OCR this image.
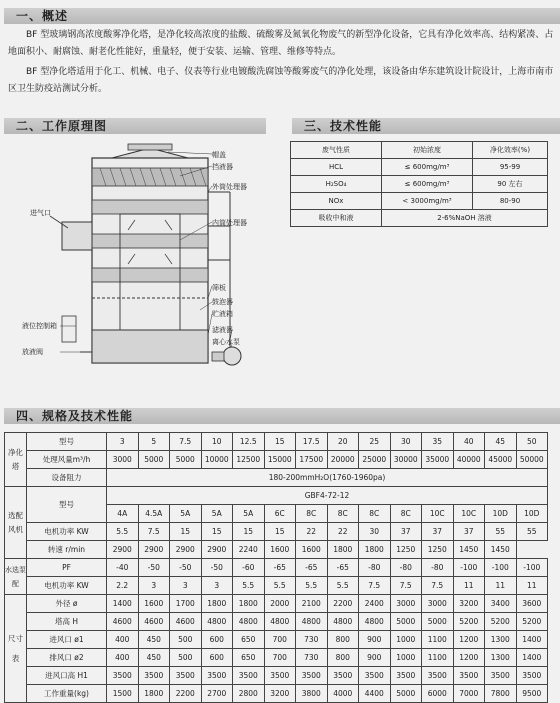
一、概述

BF 型玻璃钢高浓度酸雾净化塔，是净化较高浓度的盐酸、硫酸雾及氮氧化物废气的新型净化设备，它具有净化效率高、结构紧凑、占地面积小、耐腐蚀、耐老化性能好，重量轻，便于安装、运输、管理、维修等特点。

BF 型净化塔适用于化工、机械、电子、仪表等行业电镀酸洗腐蚀等酸雾废气的净化处理，该设备由华东建筑设计院设计，上海市南市区卫生防疫站测试分析。

二、工作原理图	三、技术性能
帽盖
挡液器
外筒处理器
进气口
内筒处理器
筛板
鼓泡器
贮液箱
液位控制箱	滤液器
离心水泵
放液阀
废气性质	初始浓度	净化效率(%)
HCL	≤ 600mg/m³	95-99
H₂SO₄	≤ 600mg/m³	90 左右
NOx	< 3000mg/m³	80-90
吸收中和液	2-6%NaOH 溶液	
四、规格及技术性能
净化塔	型号	3	5	7.5	10	12.5	15	17.5	20	25	30	35	40	45	50
	处理风量m³/h	3000	5000	5000	10000	12500	15000	17500	20000	25000	30000	35000	40000	45000	50000
	设备阻力	180-200mmH₂O(1760-1960pa)													
选配风机	型号	GBF4-72-12													
		4A	4.5A	5A	5A	5A	6C	8C	8C	8C	8C	10C	10C	10D	10D
	电机功率 KW	5.5	7.5	15	15	15	15	22	22	30	37	37	37	55	55
	转速 r/min	2900	2900	2900	2900	2240	1600	1600	1800	1800	1250	1250	1450	1450	
水选泵配	PF	-40	-50	-50	-50	-60	-65	-65	-65	-80	-80	-80	-100	-100	-100
	电机功率 KW	2.2	3	3	3	5.5	5.5	5.5	5.5	7.5	7.5	7.5	11	11	11
尺寸表	外径 ø	1400	1600	1700	1800	1800	2000	2100	2200	2400	3000	3000	3200	3400	3600
	塔高 H	4600	4600	4600	4800	4800	4800	4800	4800	4800	5000	5000	5200	5200	5200
	进风口 ø1	400	450	500	600	650	700	730	800	900	1000	1100	1200	1300	1400
	排风口 ø2	400	450	500	600	650	700	730	800	900	1000	1100	1200	1300	1400
	进风口高 H1	3500	3500	3500	3500	3500	3500	3500	3500	3500	3500	3500	3500	3500	3500
	工作重量(kg)	1500	1800	2200	2700	2800	3200	3800	4000	4400	5000	6000	7000	7800	9500
